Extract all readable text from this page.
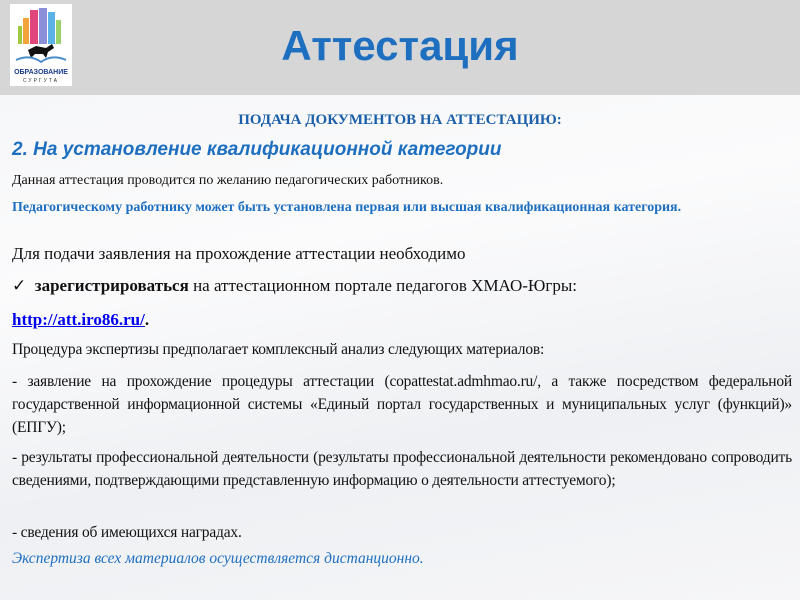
ОБРАЗОВАНИЕ
СУРГУТА
Аттестация
ПОДАЧА ДОКУМЕНТОВ НА АТТЕСТАЦИЮ:
2. На установление квалификационной категории
Данная аттестация проводится по желанию педагогических работников.
Педагогическому работнику может быть установлена первая или высшая квалификационная категория.
Для подачи заявления на прохождение аттестации необходимо
✓  зарегистрироваться на аттестационном портале педагогов ХМАО-Югры:
http://att.iro86.ru/.
Процедура экспертизы предполагает комплексный анализ следующих материалов:
- заявление на прохождение процедуры аттестации (copattestat.admhmao.ru/, а также посредством федеральной государственной информационной системы «Единый портал государственных и муниципальных услуг (функций)» (ЕПГУ);
- результаты профессиональной деятельности (результаты профессиональной деятельности рекомендовано сопроводить сведениями, подтверждающими представленную информацию о деятельности аттестуемого);
- сведения об имеющихся наградах.
Экспертиза всех материалов осуществляется дистанционно.
